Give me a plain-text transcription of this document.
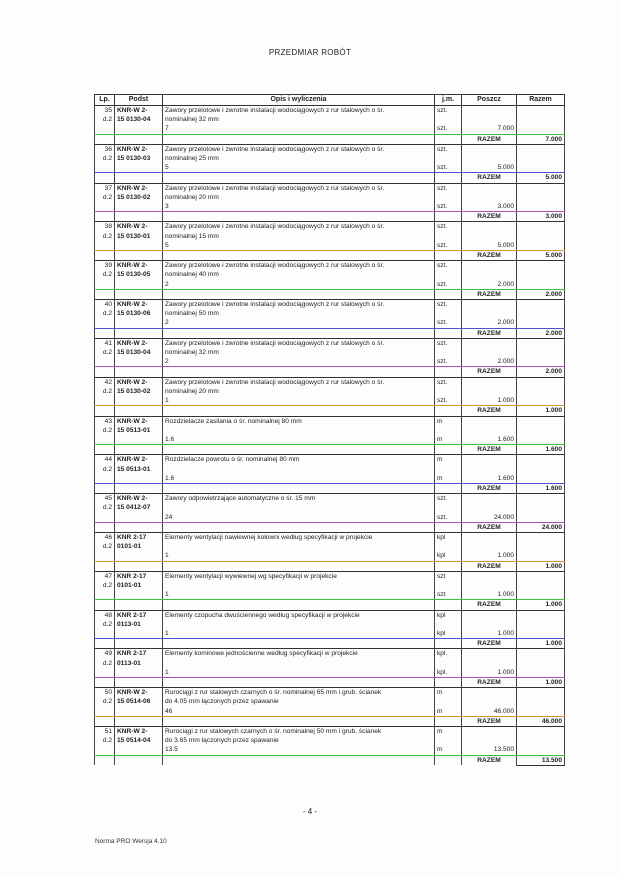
PRZEDMIAR ROBÓT
Lp.	Podst	Opis i wyliczenia	j.m.	Poszcz	Razem
35	KNR-W 2-	Zawory przelotowe i zwrotne instalacji wodociągowych z rur stalowych o śr.	szt.		
d.2	15 0130-04	nominalnej 32 mm			
		7	szt.	7.000	
				RAZEM	7.000
36	KNR-W 2-	Zawory przelotowe i zwrotne instalacji wodociągowych z rur stalowych o śr.	szt.		
d.2	15 0130-03	nominalnej 25 mm			
		5	szt.	5.000	
				RAZEM	5.000
37	KNR-W 2-	Zawory przelotowe i zwrotne instalacji wodociągowych z rur stalowych o śr.	szt.		
d.2	15 0130-02	nominalnej 20 mm			
		3	szt.	3.000	
				RAZEM	3.000
38	KNR-W 2-	Zawory przelotowe i zwrotne instalacji wodociągowych z rur stalowych o śr.	szt.		
d.2	15 0130-01	nominalnej 15 mm			
		5	szt.	5.000	
				RAZEM	5.000
39	KNR-W 2-	Zawory przelotowe i zwrotne instalacji wodociągowych z rur stalowych o śr.	szt.		
d.2	15 0130-05	nominalnej 40 mm			
		2	szt.	2.000	
				RAZEM	2.000
40	KNR-W 2-	Zawory przelotowe i zwrotne instalacji wodociągowych z rur stalowych o śr.	szt.		
d.2	15 0130-06	nominalnej 50 mm			
		2	szt.	2.000	
				RAZEM	2.000
41	KNR-W 2-	Zawory przelotowe i zwrotne instalacji wodociągowych z rur stalowych o śr.	szt.		
d.2	15 0130-04	nominalnej 32 mm			
		2	szt.	2.000	
				RAZEM	2.000
42	KNR-W 2-	Zawory przelotowe i zwrotne instalacji wodociągowych z rur stalowych o śr.	szt.		
d.2	15 0130-02	nominalnej 20 mm			
		1	szt.	1.000	
				RAZEM	1.000
43	KNR-W 2-	Rozdzielacze zasilania o śr. nominalnej 80 mm	m		
d.2	15 0513-01				
		1.6	m	1.600	
				RAZEM	1.600
44	KNR-W 2-	Rozdzielacze powrotu o śr. nominalnej 80 mm	m		
d.2	15 0513-01				
		1.6	m	1.600	
				RAZEM	1.600
45	KNR-W 2-	Zawory odpowietrzające automatyczne o śr. 15 mm	szt.		
d.2	15 0412-07				
		24	szt.	24.000	
				RAZEM	24.000
46	KNR 2-17	Elementy wentylacji nawiewnej kołowni według specyfikacji w projekcie	kpl		
d.2	0101-01				
		1	kpl	1.000	
				RAZEM	1.000
47	KNR 2-17	Elementy wentylacji wywiewnej wg specyfikacji w projekcie	szt		
d.2	0101-01				
		1	szt	1.000	
				RAZEM	1.000
48	KNR 2-17	Elementy czopucha dwuściennego według specyfikacji w projekcie	kpl		
d.2	0113-01				
		1	kpl	1.000	
				RAZEM	1.000
49	KNR 2-17	Elementy kominowe jednościenne według specyfikacji w projekcie	kpl.		
d.2	0113-01				
		1	kpl.	1.000	
				RAZEM	1.000
50	KNR-W 2-	Rurociągi z rur stalowych czarnych o śr. nominalnej 65 mm i grub. ścianek	m		
d.2	15 0514-06	do 4.05 mm łączonych przez spawanie			
		46	m	46.000	
				RAZEM	46.000
51	KNR-W 2-	Rurociągi z rur stalowych czarnych o śr. nominalnej 50 mm i grub. ścianek	m		
d.2	15 0514-04	do 3.65 mm łączonych przez spawanie			
		13.5	m	13.500	
				RAZEM	13.500
- 4 -
Norma PRO Wersja 4.10
